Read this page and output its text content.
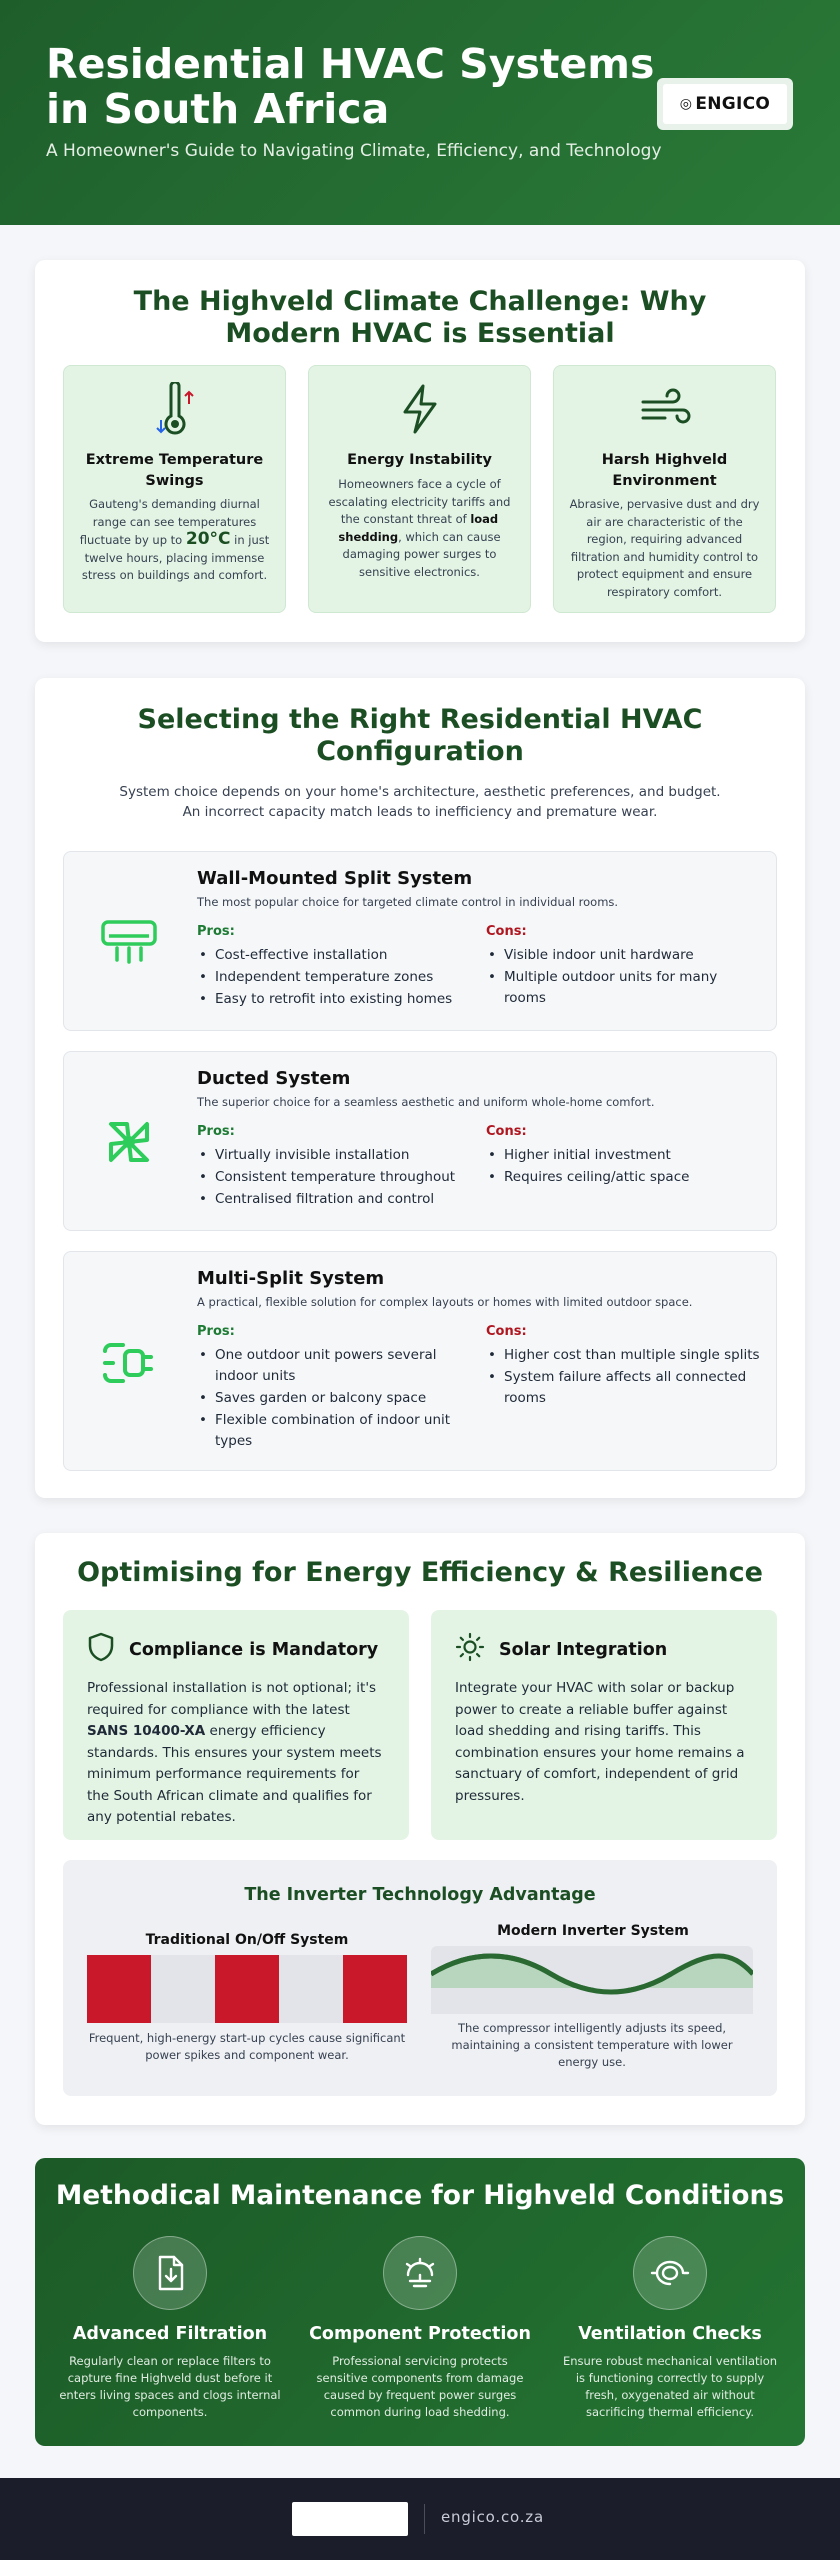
Residential HVAC Systems in South Africa
A Homeowner's Guide to Navigating Climate, Efficiency, and Technology
◎ ENGICO
The Highveld Climate Challenge: Why Modern HVAC is Essential
Extreme Temperature Swings

Gauteng's demanding diurnal range can see temperatures fluctuate by up to 20°C in just twelve hours, placing immense stress on buildings and comfort.

Energy Instability

Homeowners face a cycle of escalating electricity tariffs and the constant threat of load shedding, which can cause damaging power surges to sensitive electronics.

Harsh Highveld Environment

Abrasive, pervasive dust and dry air are characteristic of the region, requiring advanced filtration and humidity control to protect equipment and ensure respiratory comfort.

Selecting the Right Residential HVAC Configuration

System choice depends on your home's architecture, aesthetic preferences, and budget. An incorrect capacity match leads to inefficiency and premature wear.

Wall-Mounted Split System
The most popular choice for targeted climate control in individual rooms.
Pros:
• Cost-effective installation
• Independent temperature zones
• Easy to retrofit into existing homes
Cons:
• Visible indoor unit hardware
• Multiple outdoor units for many rooms
Ducted System
The superior choice for a seamless aesthetic and uniform whole-home comfort.
Pros:
• Virtually invisible installation
• Consistent temperature throughout
• Centralised filtration and control
Cons:
• Higher initial investment
• Requires ceiling/attic space
Multi-Split System
A practical, flexible solution for complex layouts or homes with limited outdoor space.
Pros:
• One outdoor unit powers several indoor units
• Saves garden or balcony space
• Flexible combination of indoor unit types
Cons:
• Higher cost than multiple single splits
• System failure affects all connected rooms
Optimising for Energy Efficiency & Resilience
Compliance is Mandatory

Professional installation is not optional; it's required for compliance with the latest SANS 10400-XA energy efficiency standards. This ensures your system meets minimum performance requirements for the South African climate and qualifies for any potential rebates.

Solar Integration

Integrate your HVAC with solar or backup power to create a reliable buffer against load shedding and rising tariffs. This combination ensures your home remains a sanctuary of comfort, independent of grid pressures.

The Inverter Technology Advantage
Traditional On/Off System
Frequent, high-energy start-up cycles cause significant power spikes and component wear.
Modern Inverter System
The compressor intelligently adjusts its speed, maintaining a consistent temperature with lower energy use.
Methodical Maintenance for Highveld Conditions
Advanced Filtration

Regularly clean or replace filters to capture fine Highveld dust before it enters living spaces and clogs internal components.

Component Protection

Professional servicing protects sensitive components from damage caused by frequent power surges common during load shedding.

Ventilation Checks

Ensure robust mechanical ventilation is functioning correctly to supply fresh, oxygenated air without sacrificing thermal efficiency.

engico.co.za
